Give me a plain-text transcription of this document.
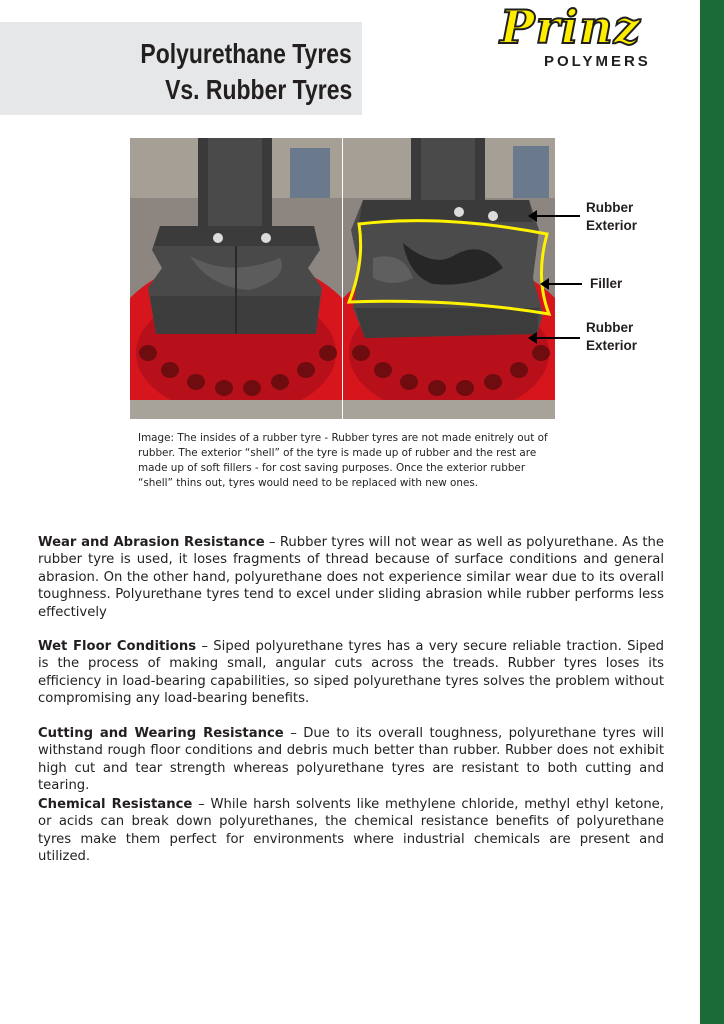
Polyurethane Tyres
Vs. Rubber Tyres
Prinz
POLYMERS
Rubber
Exterior
Filler
Rubber
Exterior
Image: The insides of a rubber tyre - Rubber tyres are not made enitrely out of rubber. The exterior “shell” of the tyre is made up of rubber and the rest are made up of soft fillers - for cost saving purposes. Once the exterior rubber “shell” thins out, tyres would need to be replaced with new ones.
Wear and Abrasion Resistance – Rubber tyres will not wear as well as polyurethane. As the rubber tyre is used, it loses fragments of thread because of surface conditions and general abrasion. On the other hand, polyurethane does not experience similar wear due to its overall toughness. Polyurethane tyres tend to excel under sliding abrasion while rubber performs less effectively
Wet Floor Conditions – Siped polyurethane tyres has a very secure reliable traction. Siped is the process of making small, angular cuts across the treads. Rubber tyres loses its efficiency in load-bearing capabilities, so siped polyurethane tyres solves the problem without compromising any load-bearing benefits.
Cutting and Wearing Resistance – Due to its overall toughness, polyurethane tyres will withstand rough floor conditions and debris much better than rubber. Rubber does not exhibit high cut and tear strength whereas polyurethane tyres are resistant to both cutting and tearing.
Chemical Resistance – While harsh solvents like methylene chloride, methyl ethyl ketone, or acids can break down polyurethanes, the chemical resistance benefits of polyurethane tyres make them perfect for environments where industrial chemicals are present and utilized.
